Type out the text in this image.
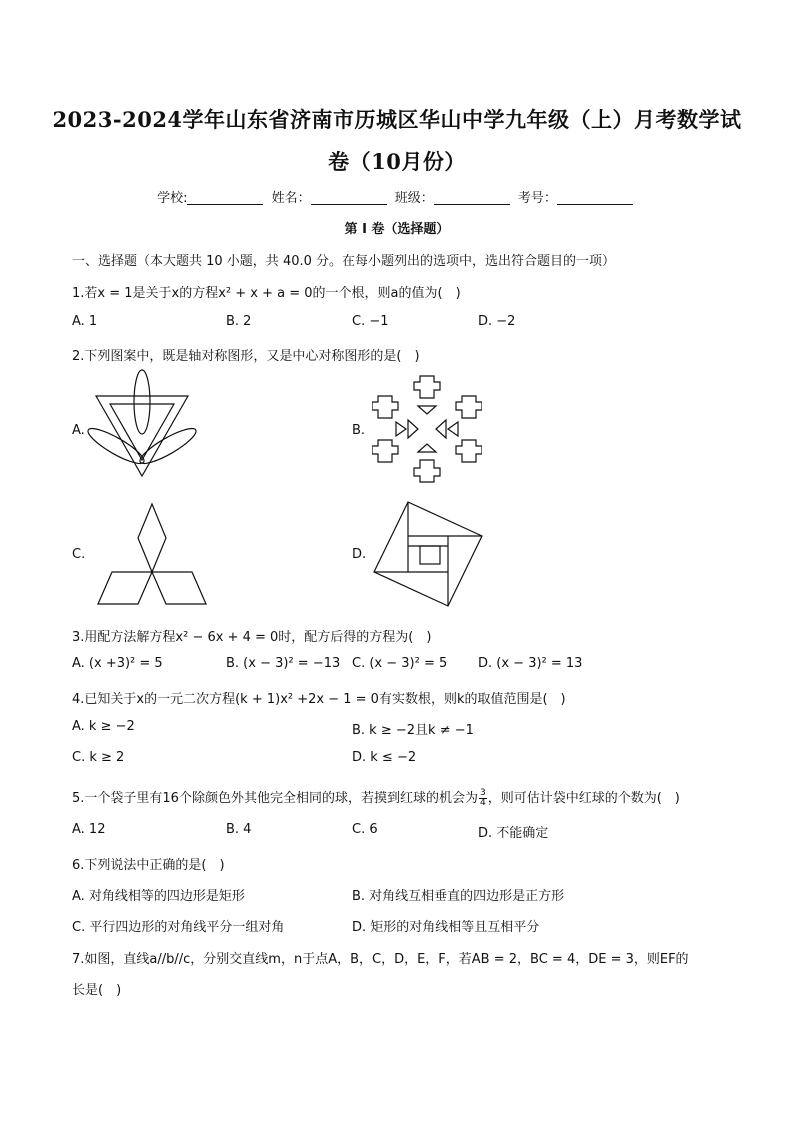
2023-2024学年山东省济南市历城区华山中学九年级（上）月考数学试
卷（10月份）
学校:	姓名：	班级：	考号：
第 I 卷（选择题）
一、选择题（本大题共 10 小题，共 40.0 分。在每小题列出的选项中，选出符合题目的一项）
1.若x = 1是关于x的方程x² + x + a = 0的一个根，则a的值为(　)
A. 1	B. 2	C. −1	D. −2
2.下列图案中，既是轴对称图形，又是中心对称图形的是(　)
A.	B.
C.	D.
3.用配方法解方程x² − 6x + 4 = 0时，配方后得的方程为(　)
A. (x +3)² = 5	B. (x − 3)² = −13 C. (x − 3)² = 5 D. (x − 3)² = 13
4.已知关于x的一元二次方程(k + 1)x² +2x − 1 = 0有实数根，则k的取值范围是(　)
A. k ≥ −2	B. k ≥ −2且k ≠ −1
C. k ≥ 2	D. k ≤ −2
5.一个袋子里有16个除颜色外其他完全相同的球，若摸到红球的机会为 $\frac{3}{4}$ ，则可估计袋中红球的个数为(　)
A. 12	B. 4	C. 6	D. 不能确定
6.下列说法中正确的是(　)
A. 对角线相等的四边形是矩形	B. 对角线互相垂直的四边形是正方形
C. 平行四边形的对角线平分一组对角	D. 矩形的对角线相等且互相平分
7.如图，直线a//b//c，分别交直线m，n于点A，B，C，D，E，F，若AB = 2，BC = 4，DE = 3，则EF的
长是(　)
